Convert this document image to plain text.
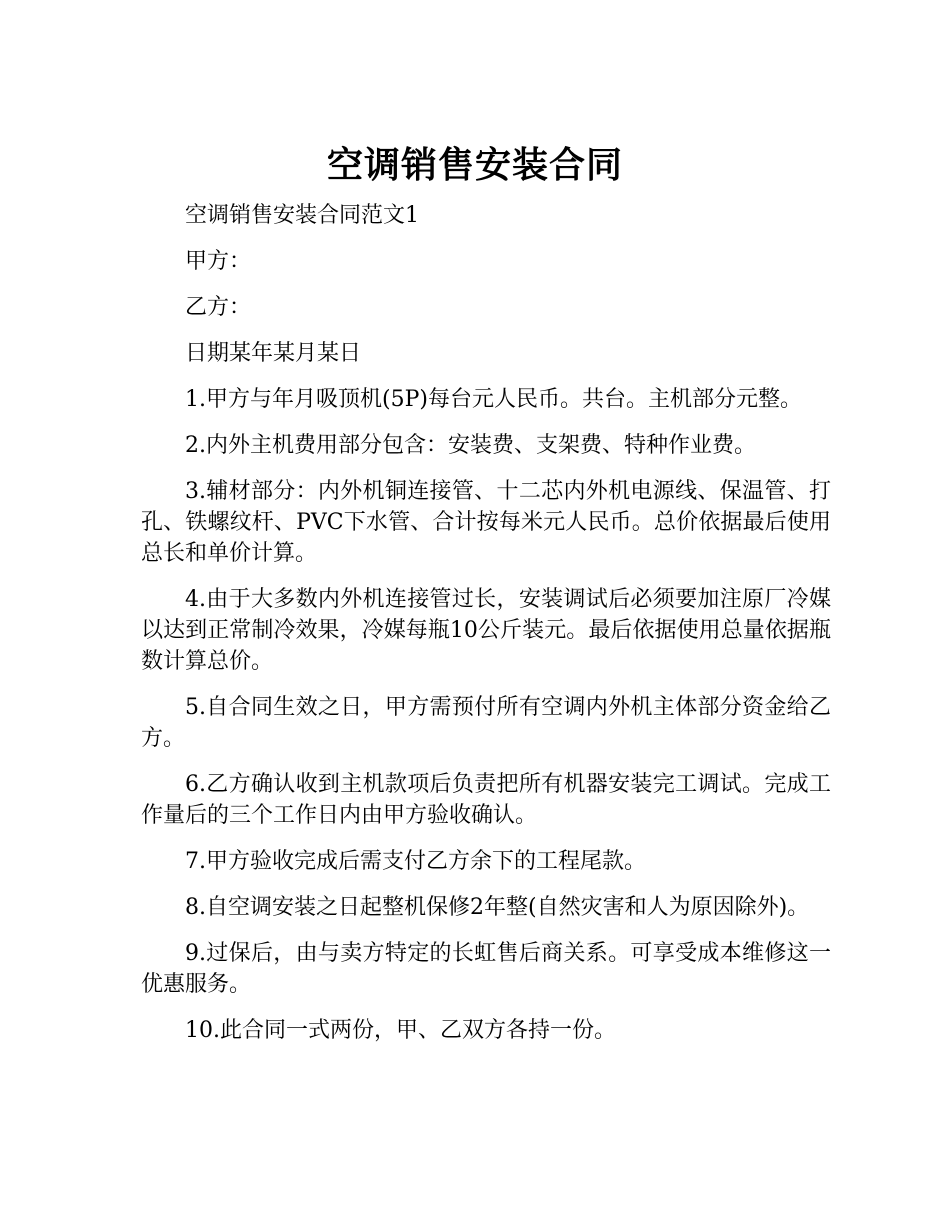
空调销售安装合同

空调销售安装合同范文1

甲方：

乙方：

日期某年某月某日

1.甲方与年月吸顶机(5P)每台元人民币。共台。主机部分元整。

2.内外主机费用部分包含：安装费、支架费、特种作业费。

3.辅材部分：内外机铜连接管、十二芯内外机电源线、保温管、打孔、铁螺纹杆、PVC下水管、合计按每米元人民币。总价依据最后使用总长和单价计算。

4.由于大多数内外机连接管过长，安装调试后必须要加注原厂冷媒以达到正常制冷效果，冷媒每瓶10公斤装元。最后依据使用总量依据瓶数计算总价。

5.自合同生效之日，甲方需预付所有空调内外机主体部分资金给乙方。

6.乙方确认收到主机款项后负责把所有机器安装完工调试。完成工作量后的三个工作日内由甲方验收确认。

7.甲方验收完成后需支付乙方余下的工程尾款。

8.自空调安装之日起整机保修2年整(自然灾害和人为原因除外)。

9.过保后，由与卖方特定的长虹售后商关系。可享受成本维修这一优惠服务。

10.此合同一式两份，甲、乙双方各持一份。
